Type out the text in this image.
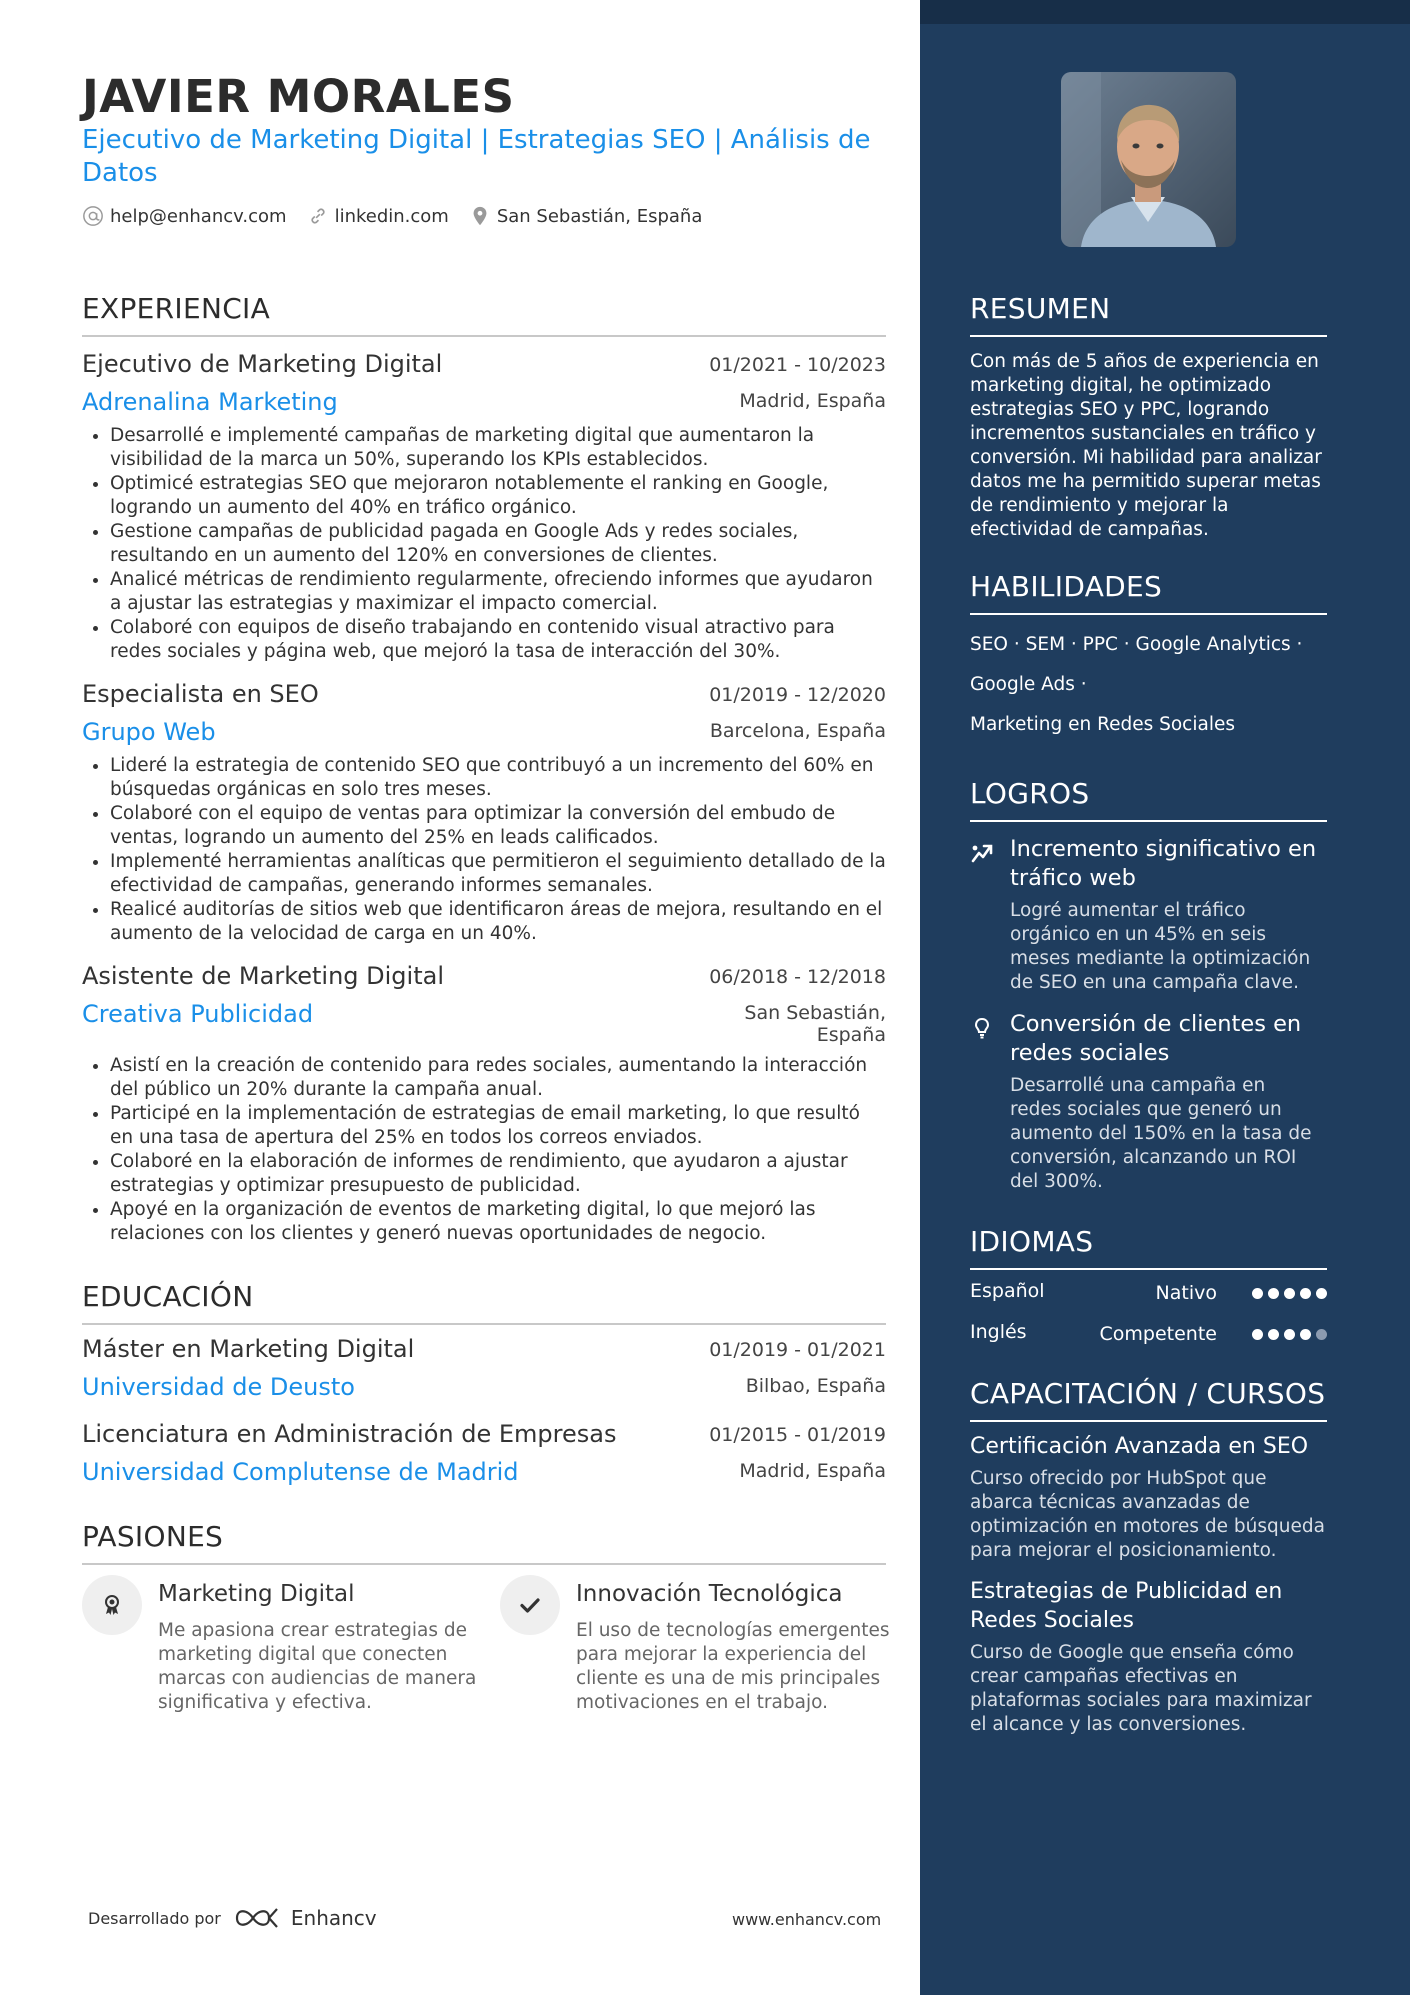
JAVIER MORALES
Ejecutivo de Marketing Digital | Estrategias SEO | Análisis de Datos
help@enhancv.com	linkedin.com	San Sebastián, España
EXPERIENCIA
Ejecutivo de Marketing Digital	01/2021 - 10/2023
Adrenalina Marketing	Madrid, España
• Desarrollé e implementé campañas de marketing digital que aumentaron la visibilidad de la marca un 50%, superando los KPIs establecidos.
• Optimicé estrategias SEO que mejoraron notablemente el ranking en Google, logrando un aumento del 40% en tráfico orgánico.
• Gestione campañas de publicidad pagada en Google Ads y redes sociales, resultando en un aumento del 120% en conversiones de clientes.
• Analicé métricas de rendimiento regularmente, ofreciendo informes que ayudaron a ajustar las estrategias y maximizar el impacto comercial.
• Colaboré con equipos de diseño trabajando en contenido visual atractivo para redes sociales y página web, que mejoró la tasa de interacción del 30%.
Especialista en SEO	01/2019 - 12/2020
Grupo Web	Barcelona, España
• Lideré la estrategia de contenido SEO que contribuyó a un incremento del 60% en búsquedas orgánicas en solo tres meses.
• Colaboré con el equipo de ventas para optimizar la conversión del embudo de ventas, logrando un aumento del 25% en leads calificados.
• Implementé herramientas analíticas que permitieron el seguimiento detallado de la efectividad de campañas, generando informes semanales.
• Realicé auditorías de sitios web que identificaron áreas de mejora, resultando en el aumento de la velocidad de carga en un 40%.
Asistente de Marketing Digital	06/2018 - 12/2018
Creativa Publicidad	San Sebastián, España
• Asistí en la creación de contenido para redes sociales, aumentando la interacción del público un 20% durante la campaña anual.
• Participé en la implementación de estrategias de email marketing, lo que resultó en una tasa de apertura del 25% en todos los correos enviados.
• Colaboré en la elaboración de informes de rendimiento, que ayudaron a ajustar estrategias y optimizar presupuesto de publicidad.
• Apoyé en la organización de eventos de marketing digital, lo que mejoró las relaciones con los clientes y generó nuevas oportunidades de negocio.
EDUCACIÓN
Máster en Marketing Digital	01/2019 - 01/2021
Universidad de Deusto	Bilbao, España
Licenciatura en Administración de Empresas	01/2015 - 01/2019
Universidad Complutense de Madrid	Madrid, España
PASIONES
Marketing Digital
Me apasiona crear estrategias de marketing digital que conecten marcas con audiencias de manera significativa y efectiva.
Innovación Tecnológica
El uso de tecnologías emergentes para mejorar la experiencia del cliente es una de mis principales motivaciones en el trabajo.
Desarrollado por	Enhancv	www.enhancv.com
RESUMEN
Con más de 5 años de experiencia en marketing digital, he optimizado estrategias SEO y PPC, logrando incrementos sustanciales en tráfico y conversión. Mi habilidad para analizar datos me ha permitido superar metas de rendimiento y mejorar la efectividad de campañas.
HABILIDADES
SEO · SEM · PPC · Google Analytics ·
Google Ads ·
Marketing en Redes Sociales
LOGROS
Incremento significativo en tráfico web
Logré aumentar el tráfico orgánico en un 45% en seis meses mediante la optimización de SEO en una campaña clave.
Conversión de clientes en redes sociales
Desarrollé una campaña en redes sociales que generó un aumento del 150% en la tasa de conversión, alcanzando un ROI del 300%.
IDIOMAS
Español	Nativo
Inglés	Competente
CAPACITACIÓN / CURSOS
Certificación Avanzada en SEO
Curso ofrecido por HubSpot que abarca técnicas avanzadas de optimización en motores de búsqueda para mejorar el posicionamiento.
Estrategias de Publicidad en Redes Sociales
Curso de Google que enseña cómo crear campañas efectivas en plataformas sociales para maximizar el alcance y las conversiones.
